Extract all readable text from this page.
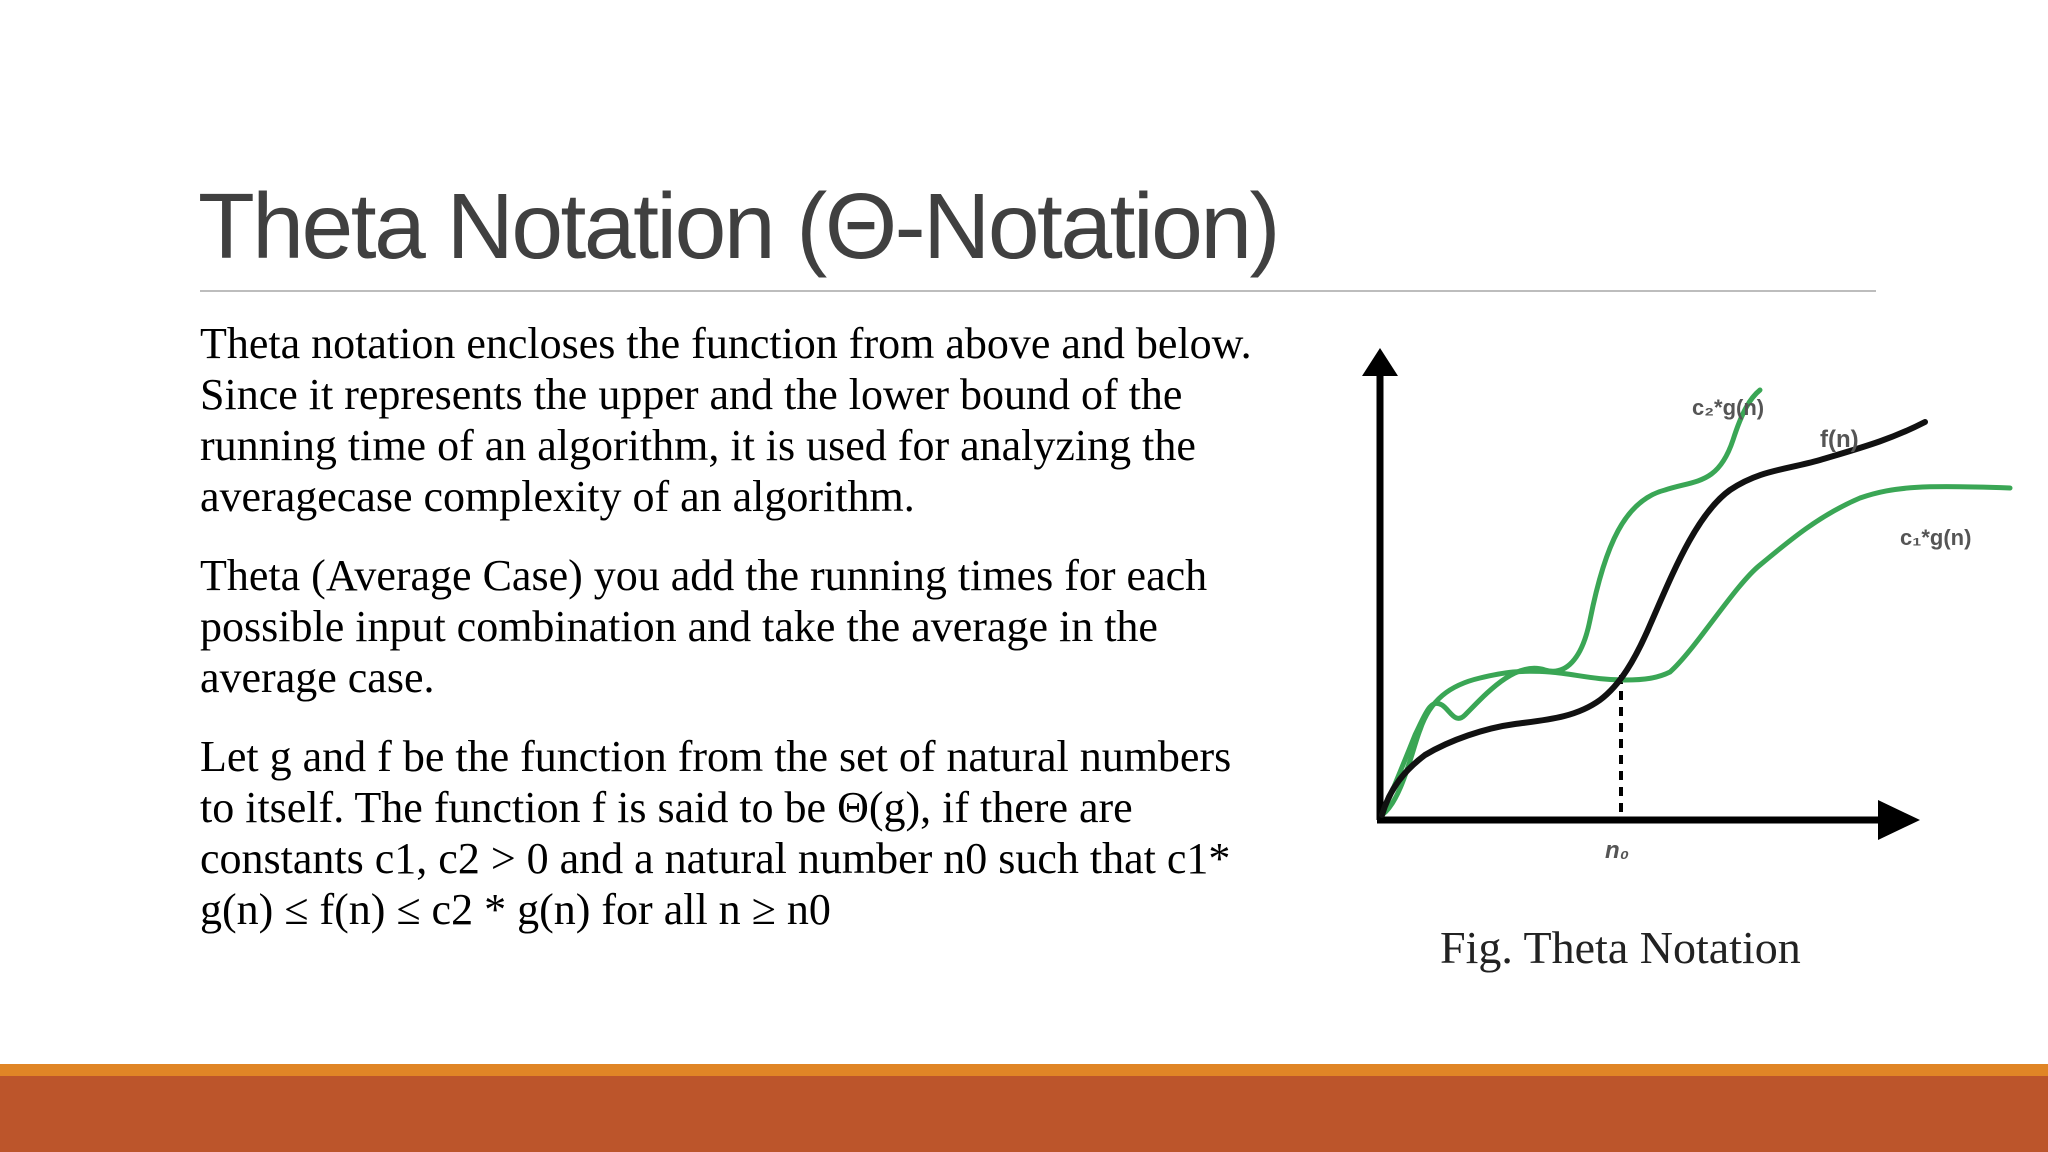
Theta Notation (Θ-Notation)

Theta notation encloses the function from above and below. Since it represents the upper and the lower bound of the running time of an algorithm, it is used for analyzing the averagecase complexity of an algorithm.

Theta (Average Case) you add the running times for each possible input combination and take the average in the average case.

Let g and f be the function from the set of natural numbers to itself. The function f is said to be Θ(g), if there are constants c1, c2 > 0 and a natural number n0 such that c1* g(n) ≤ f(n) ≤ c2 * g(n) for all n ≥ n0

c₂*g(n)
f(n)
c₁*g(n)
n₀
Fig. Theta Notation
